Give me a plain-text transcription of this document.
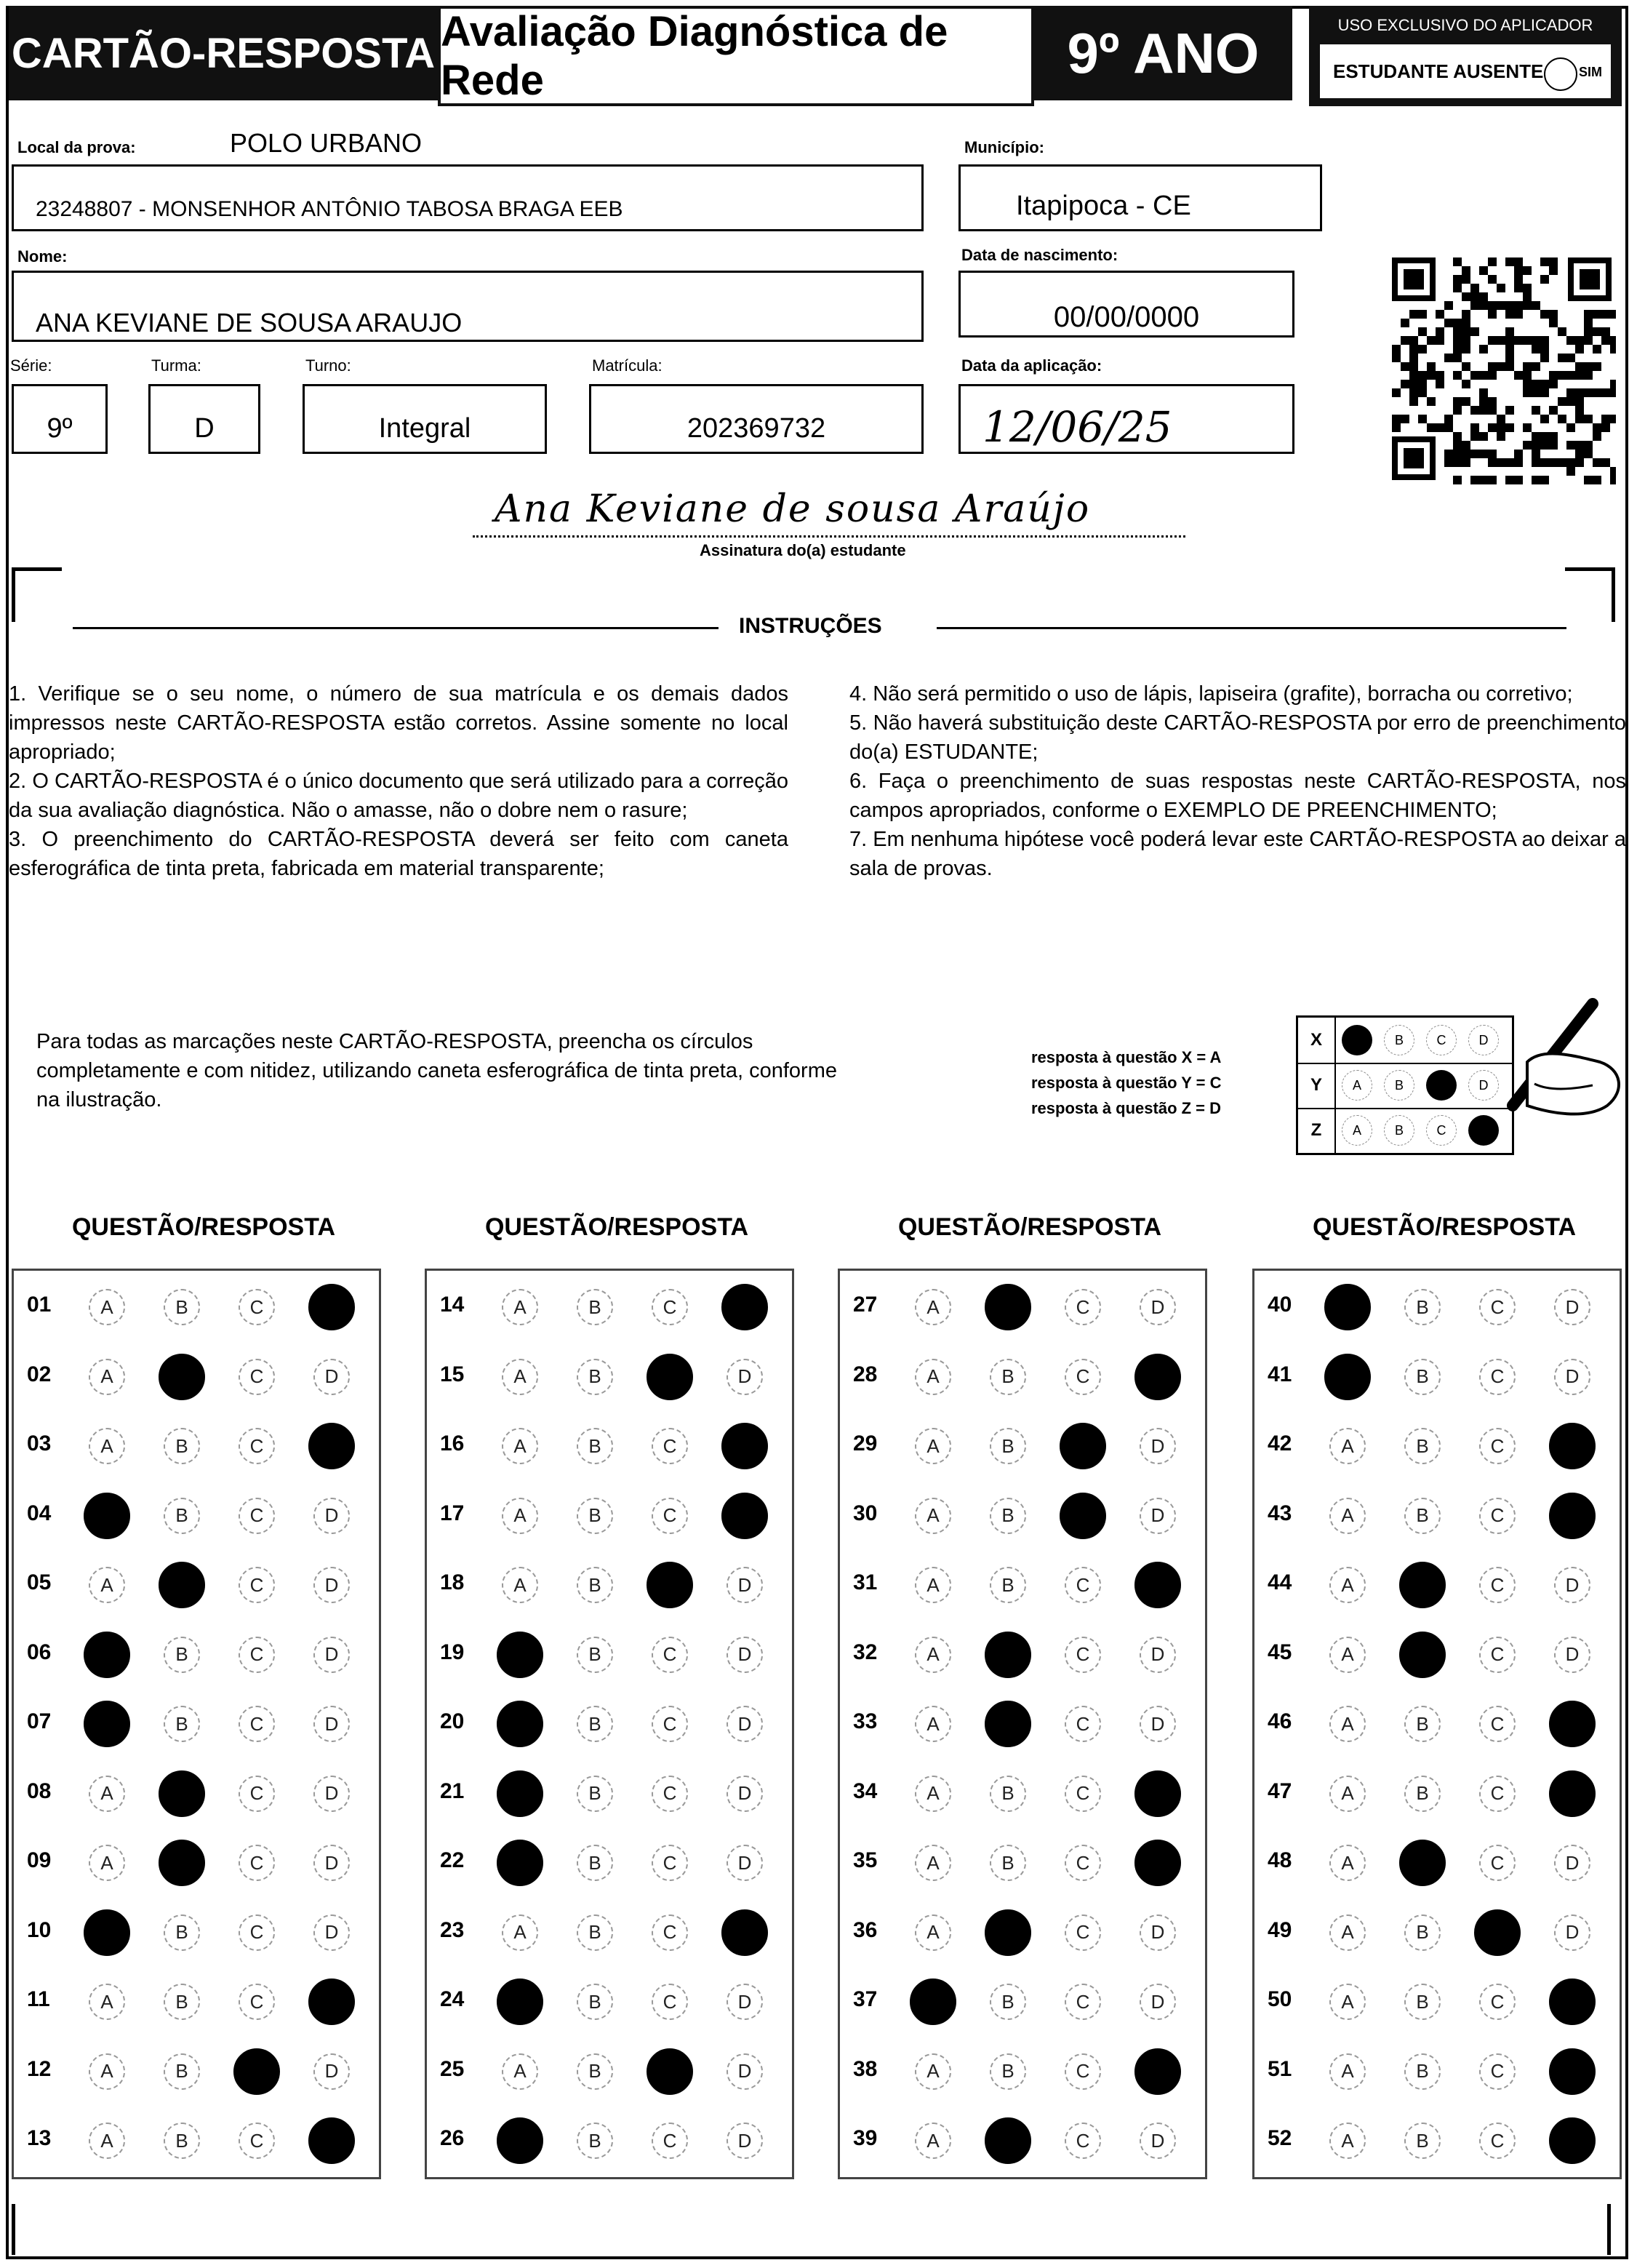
CARTÃO-RESPOSTA Avaliação Diagnóstica de Rede	9º ANO	USO EXCLUSIVO DO APLICADOR
ESTUDANTE AUSENTE	SIM
Local da prova:	POLO URBANO
23248807 - MONSENHOR ANTÔNIO TABOSA BRAGA EEB
Município:
Itapipoca - CE
Nome:
ANA KEVIANE DE SOUSA ARAUJO
Data de nascimento:
00/00/0000
Série:
9º
Turma:
D
Turno:
Integral
Matrícula:
202369732
Data da aplicação:
12/06/25
Ana Keviane de sousa Araújo
Assinatura do(a) estudante
INSTRUÇÕES

1. Verifique se o seu nome, o número de sua matrícula e os demais dados impressos neste CARTÃO-RESPOSTA estão corretos. Assine somente no local apropriado;

2. O CARTÃO-RESPOSTA é o único documento que será utilizado para a correção da sua avaliação diagnóstica. Não o amasse, não o dobre nem o rasure;

3. O preenchimento do CARTÃO-RESPOSTA deverá ser feito com caneta esferográfica de tinta preta, fabricada em material transparente;

4. Não será permitido o uso de lápis, lapiseira (grafite), borracha ou corretivo;

5. Não haverá substituição deste CARTÃO-RESPOSTA por erro de preenchimento do(a) ESTUDANTE;

6. Faça o preenchimento de suas respostas neste CARTÃO-RESPOSTA, nos campos apropriados, conforme o EXEMPLO DE PREENCHIMENTO;

7. Em nenhuma hipótese você poderá levar este CARTÃO-RESPOSTA ao deixar a sala de provas.

Para todas as marcações neste CARTÃO-RESPOSTA, preencha os círculos completamente e com nitidez, utilizando caneta esferográfica de tinta preta, conforme na ilustração.
resposta à questão X = A
resposta à questão Y = C
resposta à questão Z = D
X	B	C	D
Y	A	B	D
Z	A	B	C
QUESTÃO/RESPOSTA
01	A	B	C	D
02	A	B	C	D
03	A	B	C	D
04	A	B	C	D
05	A	B	C	D
06	A	B	C	D
07	A	B	C	D
08	A	B	C	D
09	A	B	C	D
10	A	B	C	D
11	A	B	C	D
12	A	B	C	D
13	A	B	C	D
QUESTÃO/RESPOSTA
14	A	B	C	D
15	A	B	C	D
16	A	B	C	D
17	A	B	C	D
18	A	B	C	D
19	A	B	C	D
20	A	B	C	D
21	A	B	C	D
22	A	B	C	D
23	A	B	C	D
24	A	B	C	D
25	A	B	C	D
26	A	B	C	D
QUESTÃO/RESPOSTA
27	A	B	C	D
28	A	B	C	D
29	A	B	C	D
30	A	B	C	D
31	A	B	C	D
32	A	B	C	D
33	A	B	C	D
34	A	B	C	D
35	A	B	C	D
36	A	B	C	D
37	A	B	C	D
38	A	B	C	D
39	A	B	C	D
QUESTÃO/RESPOSTA
40	A	B	C	D
41	A	B	C	D
42	A	B	C	D
43	A	B	C	D
44	A	B	C	D
45	A	B	C	D
46	A	B	C	D
47	A	B	C	D
48	A	B	C	D
49	A	B	C	D
50	A	B	C	D
51	A	B	C	D
52	A	B	C	D
